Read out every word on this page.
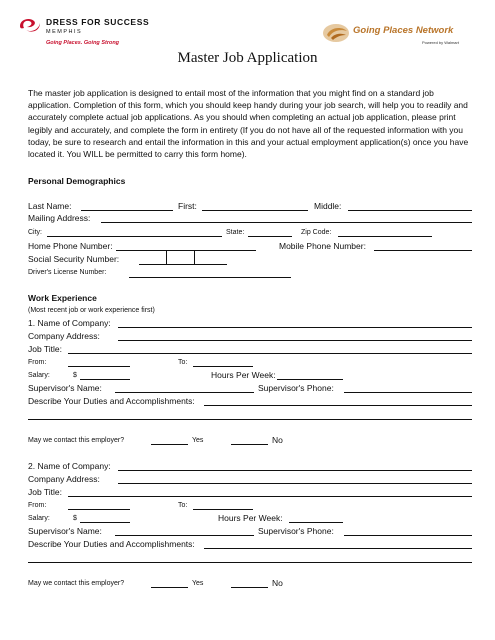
DRESS FOR SUCCESS
MEMPHIS
Going Places. Going Strong
Going Places Network
Powered by Walmart
Master Job Application
The master job application is designed to entail most of the information that you might find on a standard job application. Completion of this form, which you should keep handy during your job search, will help you to readily and accurately complete actual job applications. As you should when completing an actual job application, please print legibly and accurately, and complete the form in entirety (If you do not have all of the requested information with you today, be sure to research and entail the information in this and your actual employment application(s) once you have located it. You WILL be permitted to carry this form home).
Personal Demographics
Last Name:	First:	Middle:
Mailing Address:
City:	State:	Zip Code:
Home Phone Number:	Mobile Phone Number:
Social Security Number:
Driver's License Number:
Work Experience
(Most recent job or work experience first)
1. Name of Company:
Company Address:
Job Title:
From:	To:
Salary:	$	Hours Per Week:
Supervisor's Name:	Supervisor's Phone:
Describe Your Duties and Accomplishments:
May we contact this employer?	Yes	No
2. Name of Company:
Company Address:
Job Title:
From:	To:
Salary:	$	Hours Per Week:
Supervisor's Name:	Supervisor's Phone:
Describe Your Duties and Accomplishments:
May we contact this employer?	Yes	No
